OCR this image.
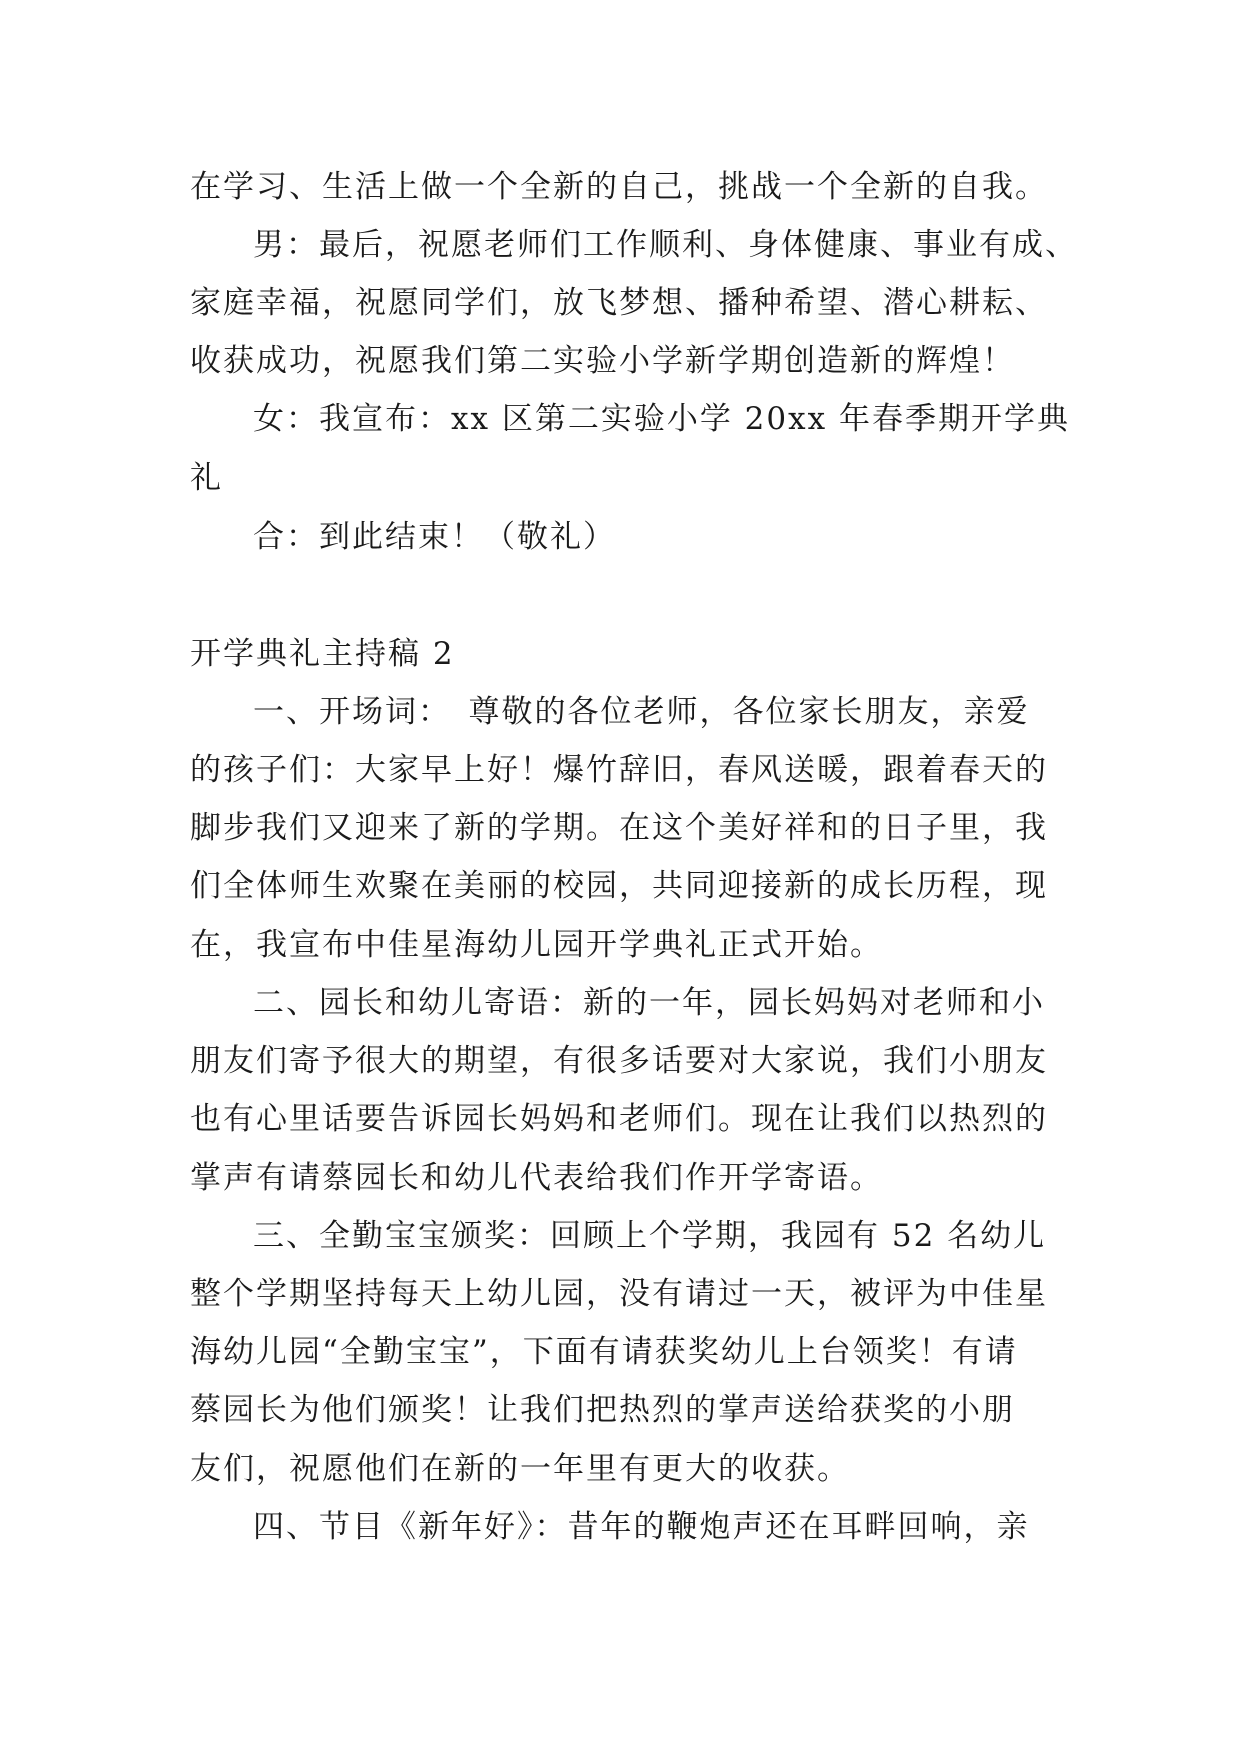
在学习、生活上做一个全新的自己，挑战一个全新的自我。
男：最后，祝愿老师们工作顺利、身体健康、事业有成、
家庭幸福，祝愿同学们，放飞梦想、播种希望、潜心耕耘、
收获成功，祝愿我们第二实验小学新学期创造新的辉煌！
女：我宣布：xx 区第二实验小学 20xx 年春季期开学典
礼
合：到此结束！（敬礼）
开学典礼主持稿 2
一、开场词：　尊敬的各位老师，各位家长朋友，亲爱
的孩子们：大家早上好！爆竹辞旧，春风送暖，跟着春天的
脚步我们又迎来了新的学期。在这个美好祥和的日子里，我
们全体师生欢聚在美丽的校园，共同迎接新的成长历程，现
在，我宣布中佳星海幼儿园开学典礼正式开始。
二、园长和幼儿寄语：新的一年，园长妈妈对老师和小
朋友们寄予很大的期望，有很多话要对大家说，我们小朋友
也有心里话要告诉园长妈妈和老师们。现在让我们以热烈的
掌声有请蔡园长和幼儿代表给我们作开学寄语。
三、全勤宝宝颁奖：回顾上个学期，我园有 52 名幼儿
整个学期坚持每天上幼儿园，没有请过一天，被评为中佳星
海幼儿园“全勤宝宝”，下面有请获奖幼儿上台领奖！有请
蔡园长为他们颁奖！让我们把热烈的掌声送给获奖的小朋
友们，祝愿他们在新的一年里有更大的收获。
四、节目《新年好》：昔年的鞭炮声还在耳畔回响，亲
